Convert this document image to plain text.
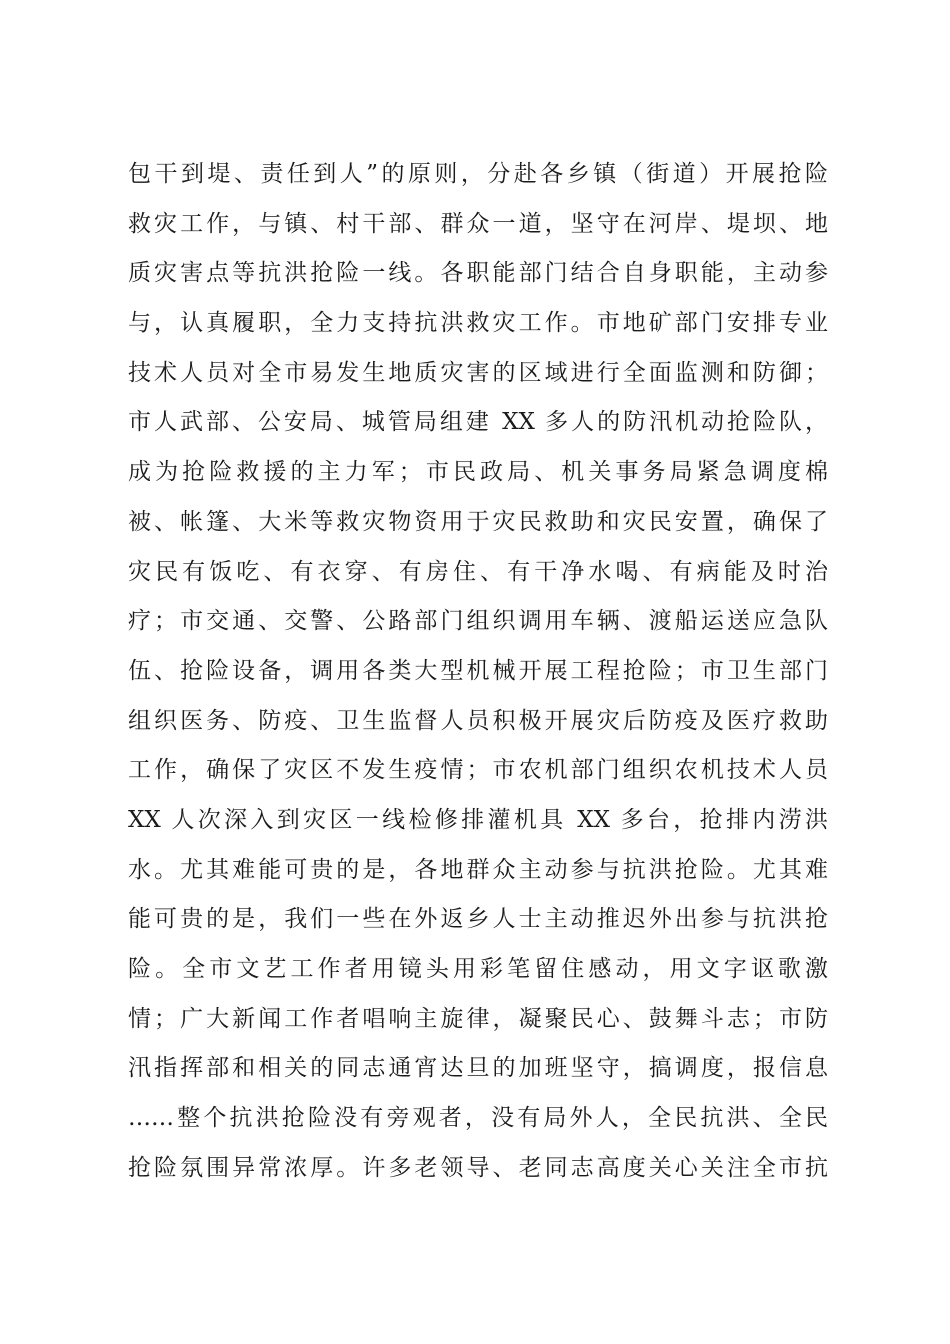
包干到堤、责任到人”的原则，分赴各乡镇（街道）开展抢险
救灾工作，与镇、村干部、群众一道，坚守在河岸、堤坝、地
质灾害点等抗洪抢险一线。各职能部门结合自身职能，主动参
与，认真履职，全力支持抗洪救灾工作。市地矿部门安排专业
技术人员对全市易发生地质灾害的区域进行全面监测和防御；
市人武部、公安局、城管局组建 XX 多人的防汛机动抢险队，
成为抢险救援的主力军；市民政局、机关事务局紧急调度棉
被、帐篷、大米等救灾物资用于灾民救助和灾民安置，确保了
灾民有饭吃、有衣穿、有房住、有干净水喝、有病能及时治
疗；市交通、交警、公路部门组织调用车辆、渡船运送应急队
伍、抢险设备，调用各类大型机械开展工程抢险；市卫生部门
组织医务、防疫、卫生监督人员积极开展灾后防疫及医疗救助
工作，确保了灾区不发生疫情；市农机部门组织农机技术人员
XX 人次深入到灾区一线检修排灌机具 XX 多台，抢排内涝洪
水。尤其难能可贵的是，各地群众主动参与抗洪抢险。尤其难
能可贵的是，我们一些在外返乡人士主动推迟外出参与抗洪抢
险。全市文艺工作者用镜头用彩笔留住感动，用文字讴歌激
情；广大新闻工作者唱响主旋律，凝聚民心、鼓舞斗志；市防
汛指挥部和相关的同志通宵达旦的加班坚守，搞调度，报信息
……整个抗洪抢险没有旁观者，没有局外人，全民抗洪、全民
抢险氛围异常浓厚。许多老领导、老同志高度关心关注全市抗
